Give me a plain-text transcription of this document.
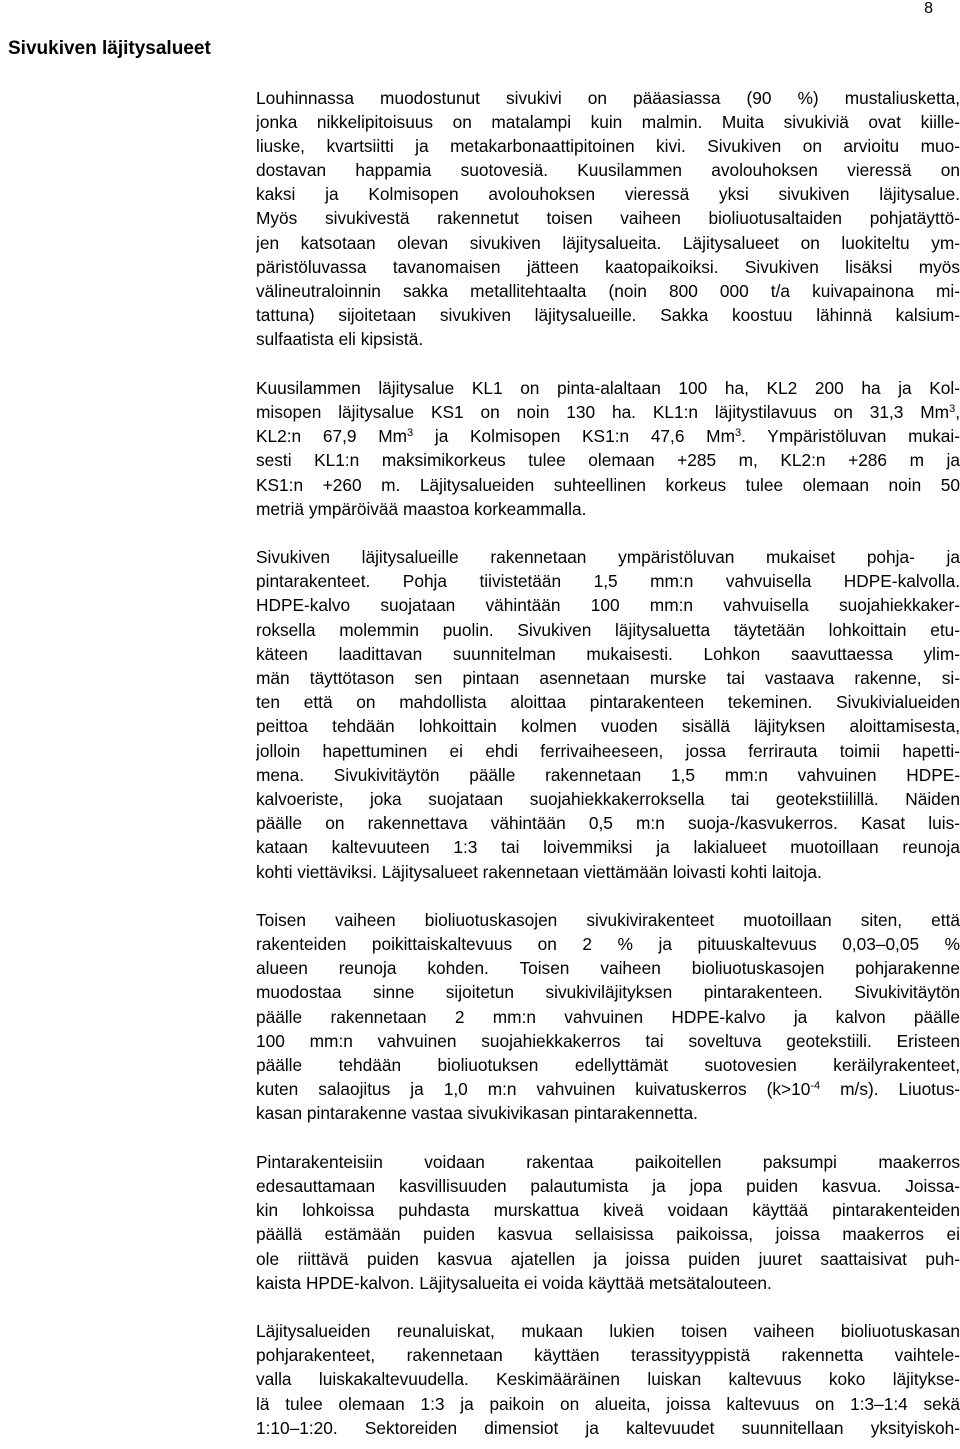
8
Sivukiven läjitysalueet
Louhinnassa muodostunut sivukivi on pääasiassa (90 %) mustaliusketta,
jonka nikkelipitoisuus on matalampi kuin malmin. Muita sivukiviä ovat kiille-
liuske, kvartsiitti ja metakarbonaattipitoinen kivi. Sivukiven on arvioitu muo-
dostavan happamia suotovesiä. Kuusilammen avolouhoksen vieressä on
kaksi ja Kolmisopen avolouhoksen vieressä yksi sivukiven läjitysalue.
Myös sivukivestä rakennetut toisen vaiheen bioliuotusaltaiden pohjatäyttö-
jen katsotaan olevan sivukiven läjitysalueita. Läjitysalueet on luokiteltu ym-
päristöluvassa tavanomaisen jätteen kaatopaikoiksi. Sivukiven lisäksi myös
välineutraloinnin sakka metallitehtaalta (noin 800 000 t/a kuivapainona mi-
tattuna) sijoitetaan sivukiven läjitysalueille. Sakka koostuu lähinnä kalsium-
sulfaatista eli kipsistä.
Kuusilammen läjitysalue KL1 on pinta-alaltaan 100 ha, KL2 200 ha ja Kol-
misopen läjitysalue KS1 on noin 130 ha. KL1:n läjitystilavuus on 31,3 Mm$^3$,
KL2:n 67,9 Mm$^3$ ja Kolmisopen KS1:n 47,6 Mm$^3$. Ympäristöluvan mukai-
sesti KL1:n maksimikorkeus tulee olemaan +285 m, KL2:n +286 m ja
KS1:n +260 m. Läjitysalueiden suhteellinen korkeus tulee olemaan noin 50
metriä ympäröivää maastoa korkeammalla.
Sivukiven läjitysalueille rakennetaan ympäristöluvan mukaiset pohja- ja
pintarakenteet. Pohja tiivistetään 1,5 mm:n vahvuisella HDPE-kalvolla.
HDPE-kalvo suojataan vähintään 100 mm:n vahvuisella suojahiekkaker-
roksella molemmin puolin. Sivukiven läjitysaluetta täytetään lohkoittain etu-
käteen laadittavan suunnitelman mukaisesti. Lohkon saavuttaessa ylim-
män täyttötason sen pintaan asennetaan murske tai vastaava rakenne, si-
ten että on mahdollista aloittaa pintarakenteen tekeminen. Sivukivialueiden
peittoa tehdään lohkoittain kolmen vuoden sisällä läjityksen aloittamisesta,
jolloin hapettuminen ei ehdi ferrivaiheeseen, jossa ferrirauta toimii hapetti-
mena. Sivukivitäytön päälle rakennetaan 1,5 mm:n vahvuinen HDPE-
kalvoeriste, joka suojataan suojahiekkakerroksella tai geotekstiilillä. Näiden
päälle on rakennettava vähintään 0,5 m:n suoja-/kasvukerros. Kasat luis-
kataan kaltevuuteen 1:3 tai loivemmiksi ja lakialueet muotoillaan reunoja
kohti viettäviksi. Läjitysalueet rakennetaan viettämään loivasti kohti laitoja.
Toisen vaiheen bioliuotuskasojen sivukivirakenteet muotoillaan siten, että
rakenteiden poikittaiskaltevuus on 2 % ja pituuskaltevuus 0,03–0,05 %
alueen reunoja kohden. Toisen vaiheen bioliuotuskasojen pohjarakenne
muodostaa sinne sijoitetun sivukiviläjityksen pintarakenteen. Sivukivitäytön
päälle rakennetaan 2 mm:n vahvuinen HDPE-kalvo ja kalvon päälle
100 mm:n vahvuinen suojahiekkakerros tai soveltuva geotekstiili. Eristeen
päälle tehdään bioliuotuksen edellyttämät suotovesien keräilyrakenteet,
kuten salaojitus ja 1,0 m:n vahvuinen kuivatuskerros ($k>10^{-4}$ m/s). Liuotus-
kasan pintarakenne vastaa sivukivikasan pintarakennetta.
Pintarakenteisiin voidaan rakentaa paikoitellen paksumpi maakerros
edesauttamaan kasvillisuuden palautumista ja jopa puiden kasvua. Joissa-
kin lohkoissa puhdasta murskattua kiveä voidaan käyttää pintarakenteiden
päällä estämään puiden kasvua sellaisissa paikoissa, joissa maakerros ei
ole riittävä puiden kasvua ajatellen ja joissa puiden juuret saattaisivat puh-
kaista HPDE-kalvon. Läjitysalueita ei voida käyttää metsätalouteen.
Läjitysalueiden reunaluiskat, mukaan lukien toisen vaiheen bioliuotuskasan
pohjarakenteet, rakennetaan käyttäen terassityyppistä rakennetta vaihtele-
valla luiskakaltevuudella. Keskimääräinen luiskan kaltevuus koko läjitykse-
lä tulee olemaan 1:3 ja paikoin on alueita, joissa kaltevuus on 1:3–1:4 sekä
1:10–1:20. Sektoreiden dimensiot ja kaltevuudet suunnitellaan yksityiskoh-
